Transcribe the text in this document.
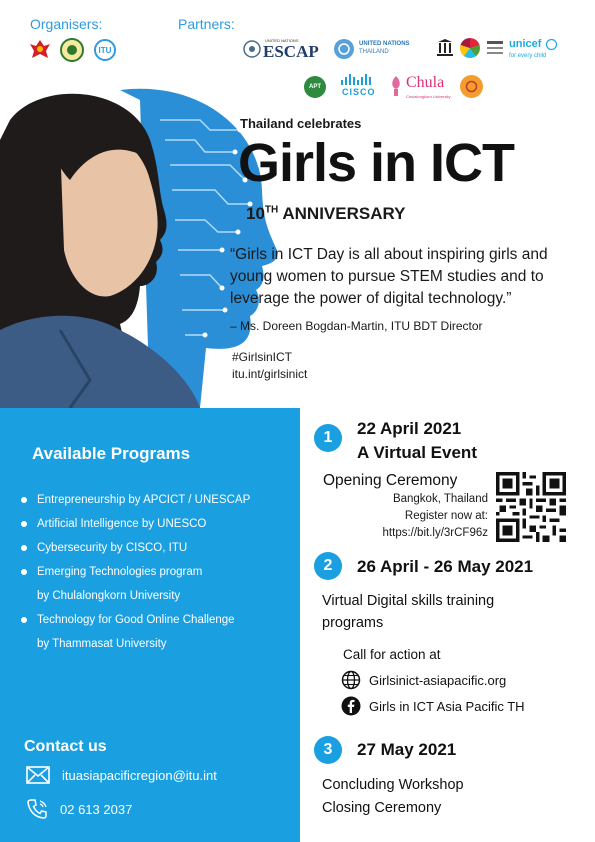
Organisers:	Partners:
ITU
UNITED NATIONS
ESCAP	UNITED NATIONS
THAILAND
unicef
for every child
APT	CISCO
Chula
Chulalongkorn University
Thailand celebrates
Girls in ICT
10TH ANNIVERSARY
“Girls in ICT Day is all about inspiring girls and young women to pursue STEM studies and to leverage the power of digital technology.”
– Ms. Doreen Bogdan-Martin, ITU BDT Director
#GirlsinICT
itu.int/girlsinict
Available Programs
Entrepreneurship by APCICT / UNESCAP
Artificial Intelligence by UNESCO
Cybersecurity by CISCO, ITU
Emerging Technologies program
by Chulalongkorn University
Technology for Good Online Challenge
by Thammasat University
Contact us
ituasiapacificregion@itu.int
02 613 2037
1	22 April 2021
A Virtual Event
Opening Ceremony
Bangkok, Thailand
Register now at:
https://bit.ly/3rCF96z
2	26 April - 26 May 2021
Virtual Digital skills training
programs
Call for action at
Girlsinict-asiapacific.org
Girls in ICT Asia Pacific TH
3	27 May 2021
Concluding Workshop
Closing Ceremony
